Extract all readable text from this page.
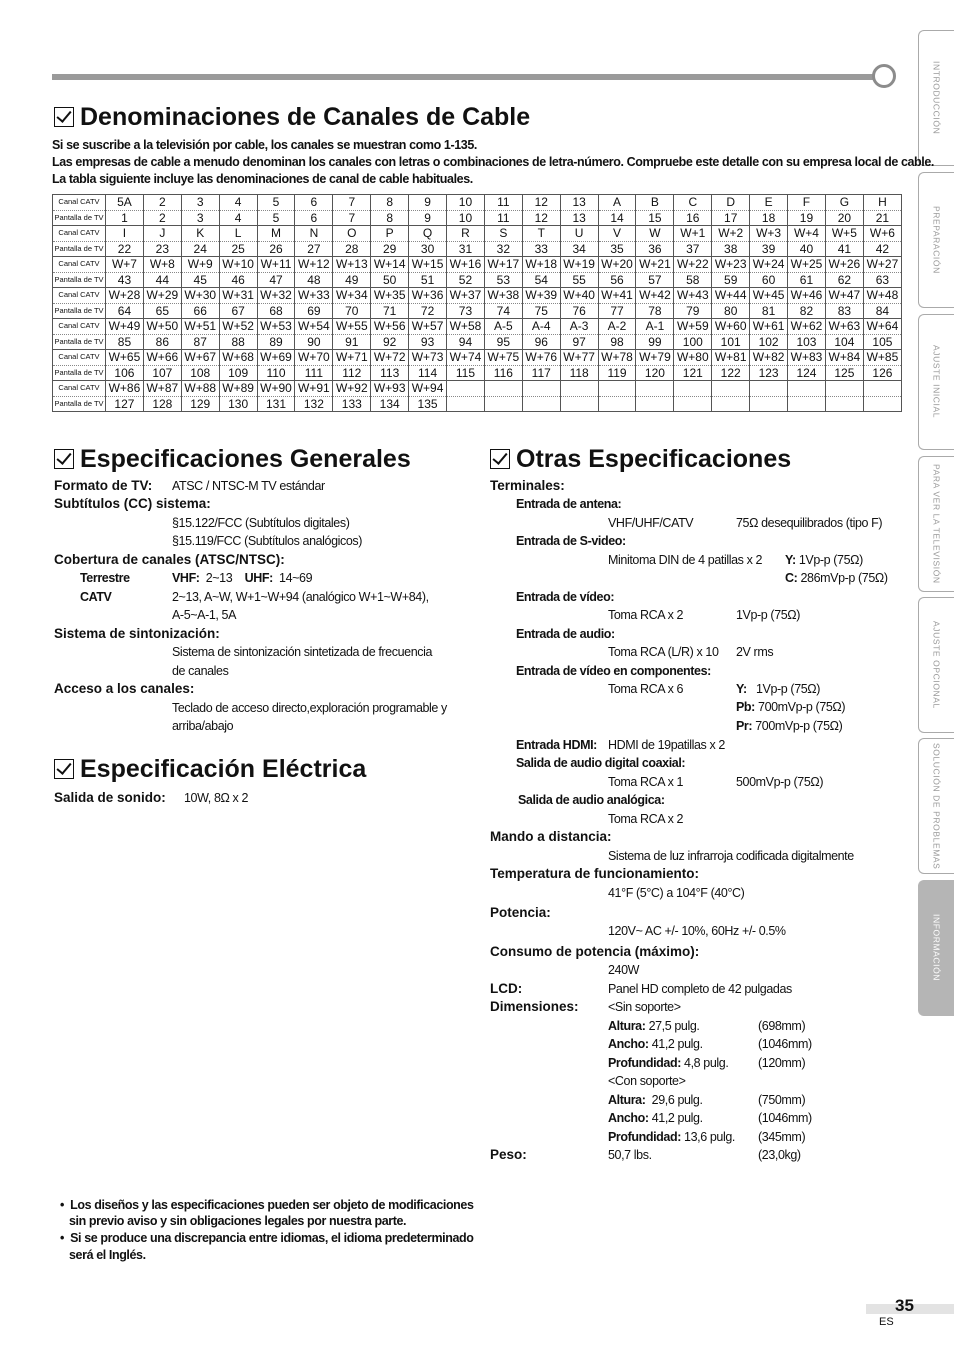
INTRODUCCIÓN
PREPARACIÓN
AJUSTE INICIAL
PARA VER LA TELEVISIÓN
AJUSTE OPCIONAL
SOLUCIÓN DE PROBLEMAS
INFORMACIÓN
Denominaciones de Canales de Cable
Si se suscribe a la televisión por cable, los canales se muestran como 1-135.
Las empresas de cable a menudo denominan los canales con letras o combinaciones de letra-número. Compruebe este detalle con su empresa local de cable.
La tabla siguiente incluye las denominaciones de canal de cable habituales.
Canal CATV	5A	2	3	4	5	6	7	8	9	10	11	12	13	A	B	C	D	E	F	G	H
Pantalla de TV	1	2	3	4	5	6	7	8	9	10	11	12	13	14	15	16	17	18	19	20	21
Canal CATV	I	J	K	L	M	N	O	P	Q	R	S	T	U	V	W	W+1	W+2	W+3	W+4	W+5	W+6
Pantalla de TV	22	23	24	25	26	27	28	29	30	31	32	33	34	35	36	37	38	39	40	41	42
Canal CATV	W+7	W+8	W+9	W+10	W+11	W+12	W+13	W+14	W+15	W+16	W+17	W+18	W+19	W+20	W+21	W+22	W+23	W+24	W+25	W+26	W+27
Pantalla de TV	43	44	45	46	47	48	49	50	51	52	53	54	55	56	57	58	59	60	61	62	63
Canal CATV	W+28	W+29	W+30	W+31	W+32	W+33	W+34	W+35	W+36	W+37	W+38	W+39	W+40	W+41	W+42	W+43	W+44	W+45	W+46	W+47	W+48
Pantalla de TV	64	65	66	67	68	69	70	71	72	73	74	75	76	77	78	79	80	81	82	83	84
Canal CATV	W+49	W+50	W+51	W+52	W+53	W+54	W+55	W+56	W+57	W+58	A-5	A-4	A-3	A-2	A-1	W+59	W+60	W+61	W+62	W+63	W+64
Pantalla de TV	85	86	87	88	89	90	91	92	93	94	95	96	97	98	99	100	101	102	103	104	105
Canal CATV	W+65	W+66	W+67	W+68	W+69	W+70	W+71	W+72	W+73	W+74	W+75	W+76	W+77	W+78	W+79	W+80	W+81	W+82	W+83	W+84	W+85
Pantalla de TV	106	107	108	109	110	111	112	113	114	115	116	117	118	119	120	121	122	123	124	125	126
Canal CATV	W+86	W+87	W+88	W+89	W+90	W+91	W+92	W+93	W+94												
Pantalla de TV	127	128	129	130	131	132	133	134	135												
Especificaciones Generales
Formato de TV: ATSC / NTSC-M TV estándar
Subtítulos (CC) sistema:
§15.122/FCC (Subtítulos digitales)
§15.119/FCC (Subtítulos analógicos)
Cobertura de canales (ATSC/NTSC):
Terrestre	VHF: 2~13 UHF: 14~69
CATV	2~13, A~W, W+1~W+94 (analógico W+1~W+84),
A-5~A-1, 5A
Sistema de sintonización:
Sistema de sintonización sintetizada de frecuencia
de canales
Acceso a los canales:
Teclado de acceso directo,exploración programable y
arriba/abajo
Especificación Eléctrica
Salida de sonido: 10W, 8Ω x 2
Otras Especificaciones
Terminales:
Entrada de antena:
VHF/UHF/CATV	75Ω desequilibrados (tipo F)
Entrada de S-video:
Minitoma DIN de 4 patillas x 2 Y: 1Vp-p (75Ω)
C: 286mVp-p (75Ω)
Entrada de vídeo:
Toma RCA x 2	1Vp-p (75Ω)
Entrada de audio:
Toma RCA (L/R) x 10 2V rms
Entrada de vídeo en componentes:
Toma RCA x 6	Y: 1Vp-p (75Ω)
Pb: 700mVp-p (75Ω)
Pr: 700mVp-p (75Ω)
Entrada HDMI: HDMI de 19patillas x 2
Salida de audio digital coaxial:
Toma RCA x 1	500mVp-p (75Ω)
Salida de audio analógica:
Toma RCA x 2
Mando a distancia:
Sistema de luz infrarroja codificada digitalmente
Temperatura de funcionamiento:
41°F (5°C) a 104°F (40°C)
Potencia:
120V~ AC +/- 10%, 60Hz +/- 0.5%
Consumo de potencia (máximo):
240W
LCD:	Panel HD completo de 42 pulgadas
Dimensiones: <Sin soporte>
Altura: 27,5 pulg.	(698mm)
Ancho: 41,2 pulg.	(1046mm)
Profundidad: 4,8 pulg. (120mm)
<Con soporte>
Altura: 29,6 pulg.	(750mm)
Ancho: 41,2 pulg.	(1046mm)
Profundidad: 13,6 pulg. (345mm)
Peso:	50,7 lbs.	(23,0kg)
•  Los diseños y las especificaciones pueden ser objeto de modificaciones
sin previo aviso y sin obligaciones legales por nuestra parte.
•  Si se produce una discrepancia entre idiomas, el idioma predeterminado
será el Inglés.
35
ES
